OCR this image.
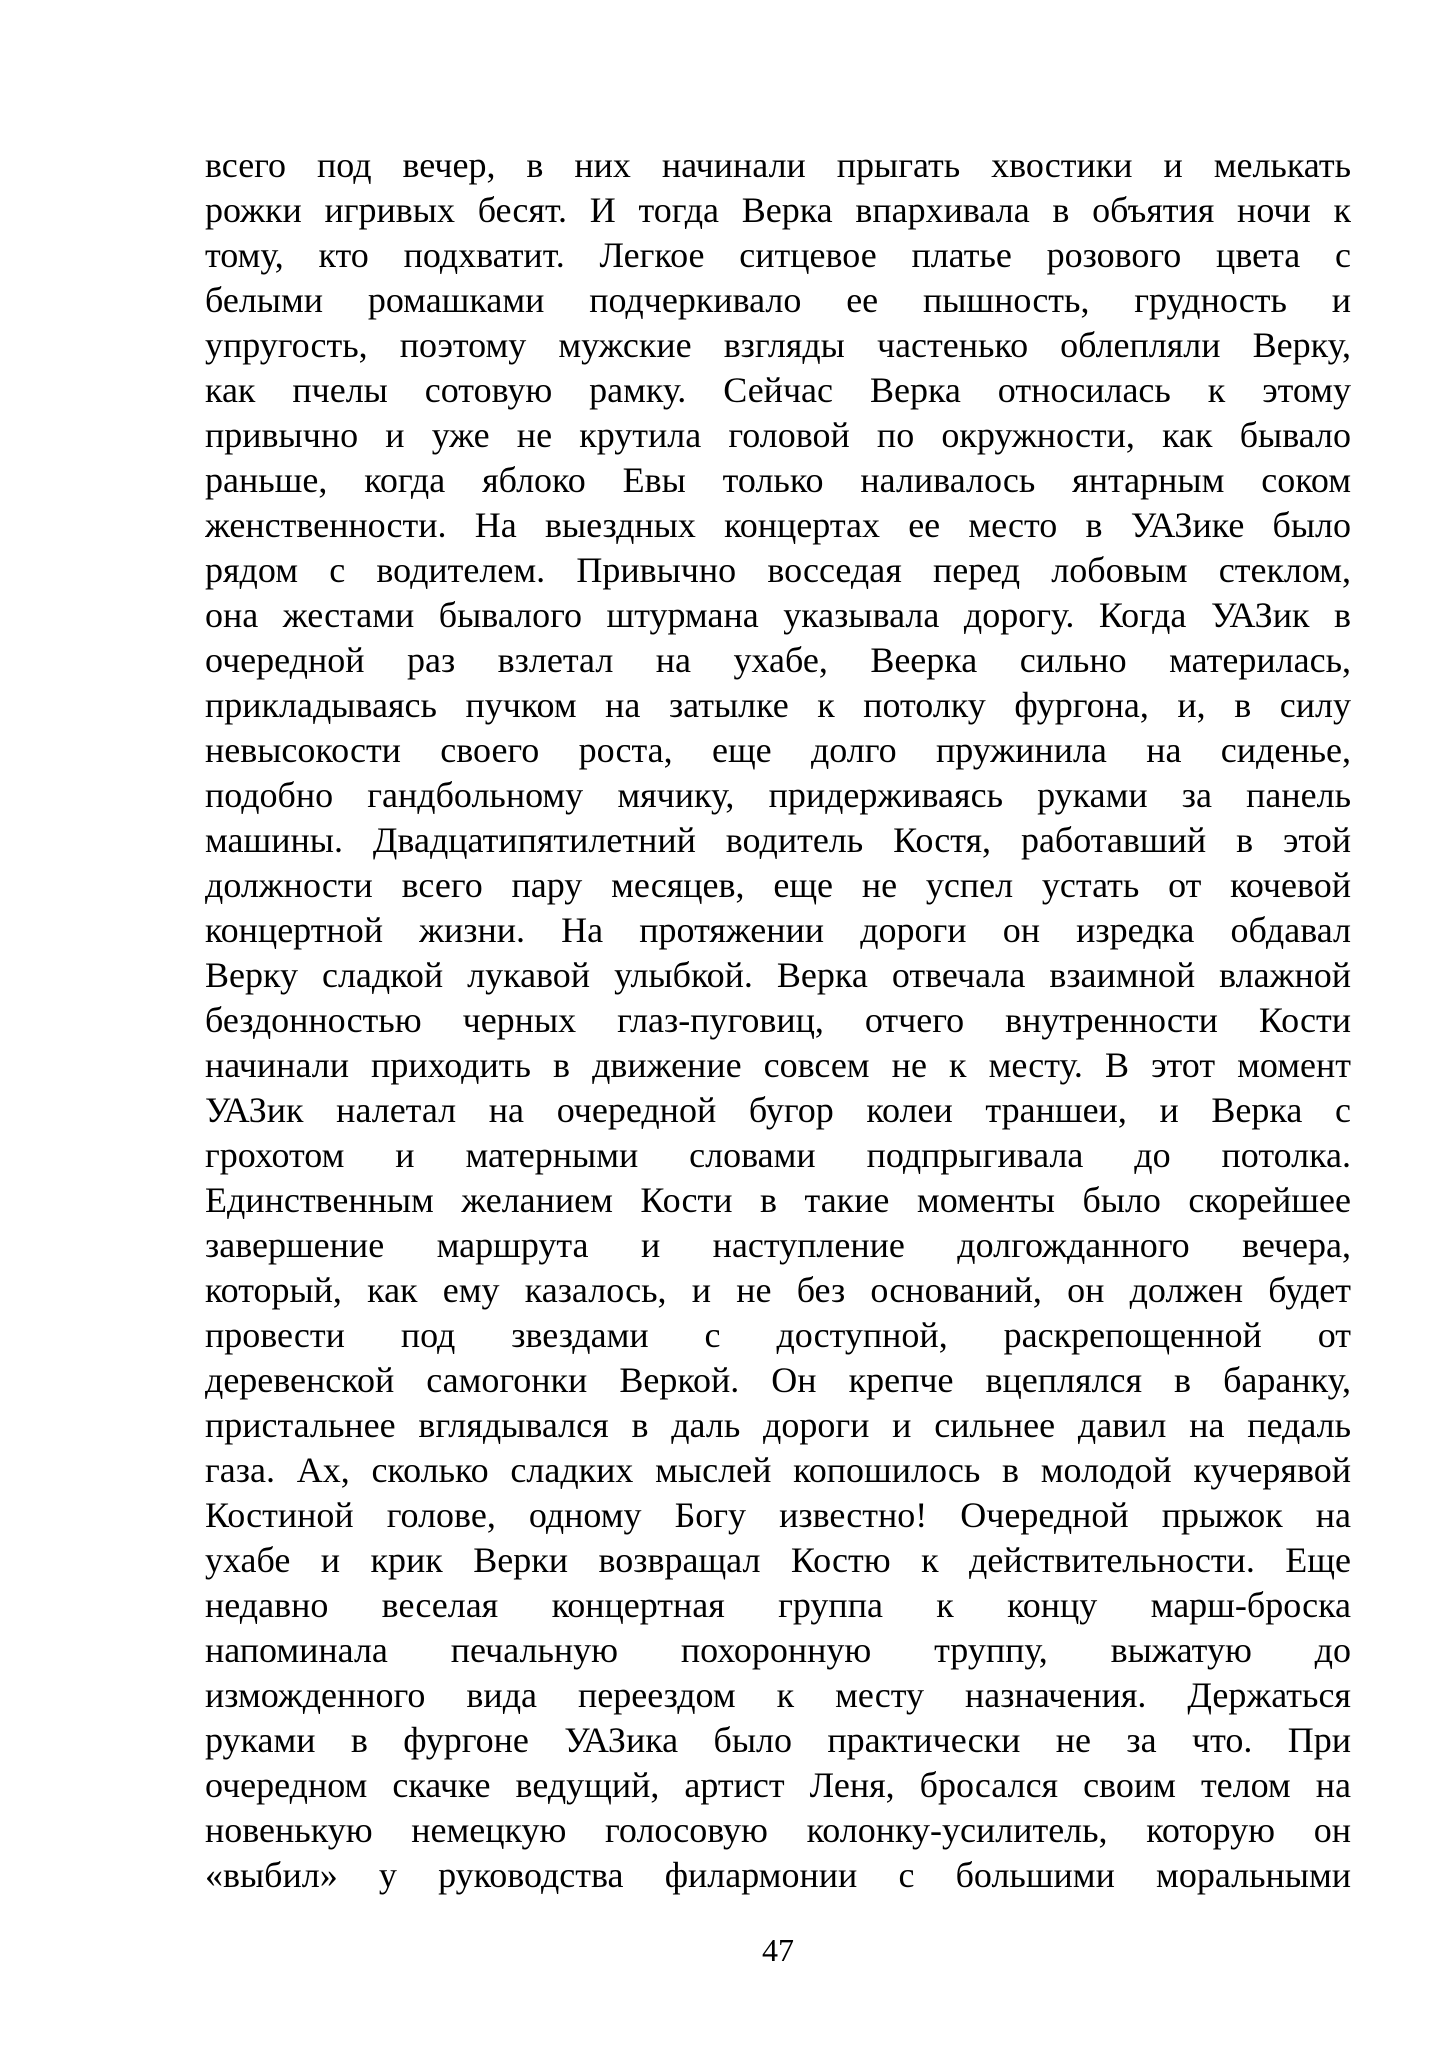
всего под вечер, в них начинали прыгать хвостики и мелькать
рожки игривых бесят. И тогда Верка впархивала в объятия ночи к
тому, кто подхватит. Легкое ситцевое платье розового цвета с
белыми ромашками подчеркивало ее пышность, грудность и
упругость, поэтому мужские взгляды частенько облепляли Верку,
как пчелы сотовую рамку. Сейчас Верка относилась к этому
привычно и уже не крутила головой по окружности, как бывало
раньше, когда яблоко Евы только наливалось янтарным соком
женственности. На выездных концертах ее место в УАЗике было
рядом с водителем. Привычно восседая перед лобовым стеклом,
она жестами бывалого штурмана указывала дорогу. Когда УАЗик в
очередной раз взлетал на ухабе, Веерка сильно материлась,
прикладываясь пучком на затылке к потолку фургона, и, в силу
невысокости своего роста, еще долго пружинила на сиденье,
подобно гандбольному мячику, придерживаясь руками за панель
машины. Двадцатипятилетний водитель Костя, работавший в этой
должности всего пару месяцев, еще не успел устать от кочевой
концертной жизни. На протяжении дороги он изредка обдавал
Верку сладкой лукавой улыбкой. Верка отвечала взаимной влажной
бездонностью черных глаз-пуговиц, отчего внутренности Кости
начинали приходить в движение совсем не к месту. В этот момент
УАЗик налетал на очередной бугор колеи траншеи, и Верка с
грохотом и матерными словами подпрыгивала до потолка.
Единственным желанием Кости в такие моменты было скорейшее
завершение маршрута и наступление долгожданного вечера,
который, как ему казалось, и не без оснований, он должен будет
провести под звездами с доступной, раскрепощенной от
деревенской самогонки Веркой. Он крепче вцеплялся в баранку,
пристальнее вглядывался в даль дороги и сильнее давил на педаль
газа. Ах, сколько сладких мыслей копошилось в молодой кучерявой
Костиной голове, одному Богу известно! Очередной прыжок на
ухабе и крик Верки возвращал Костю к действительности. Еще
недавно веселая концертная группа к концу марш-броска
напоминала печальную похоронную труппу, выжатую до
изможденного вида переездом к месту назначения. Держаться
руками в фургоне УАЗика было практически не за что. При
очередном скачке ведущий, артист Леня, бросался своим телом на
новенькую немецкую голосовую колонку-усилитель, которую он
«выбил» у руководства филармонии с большими моральными
47
